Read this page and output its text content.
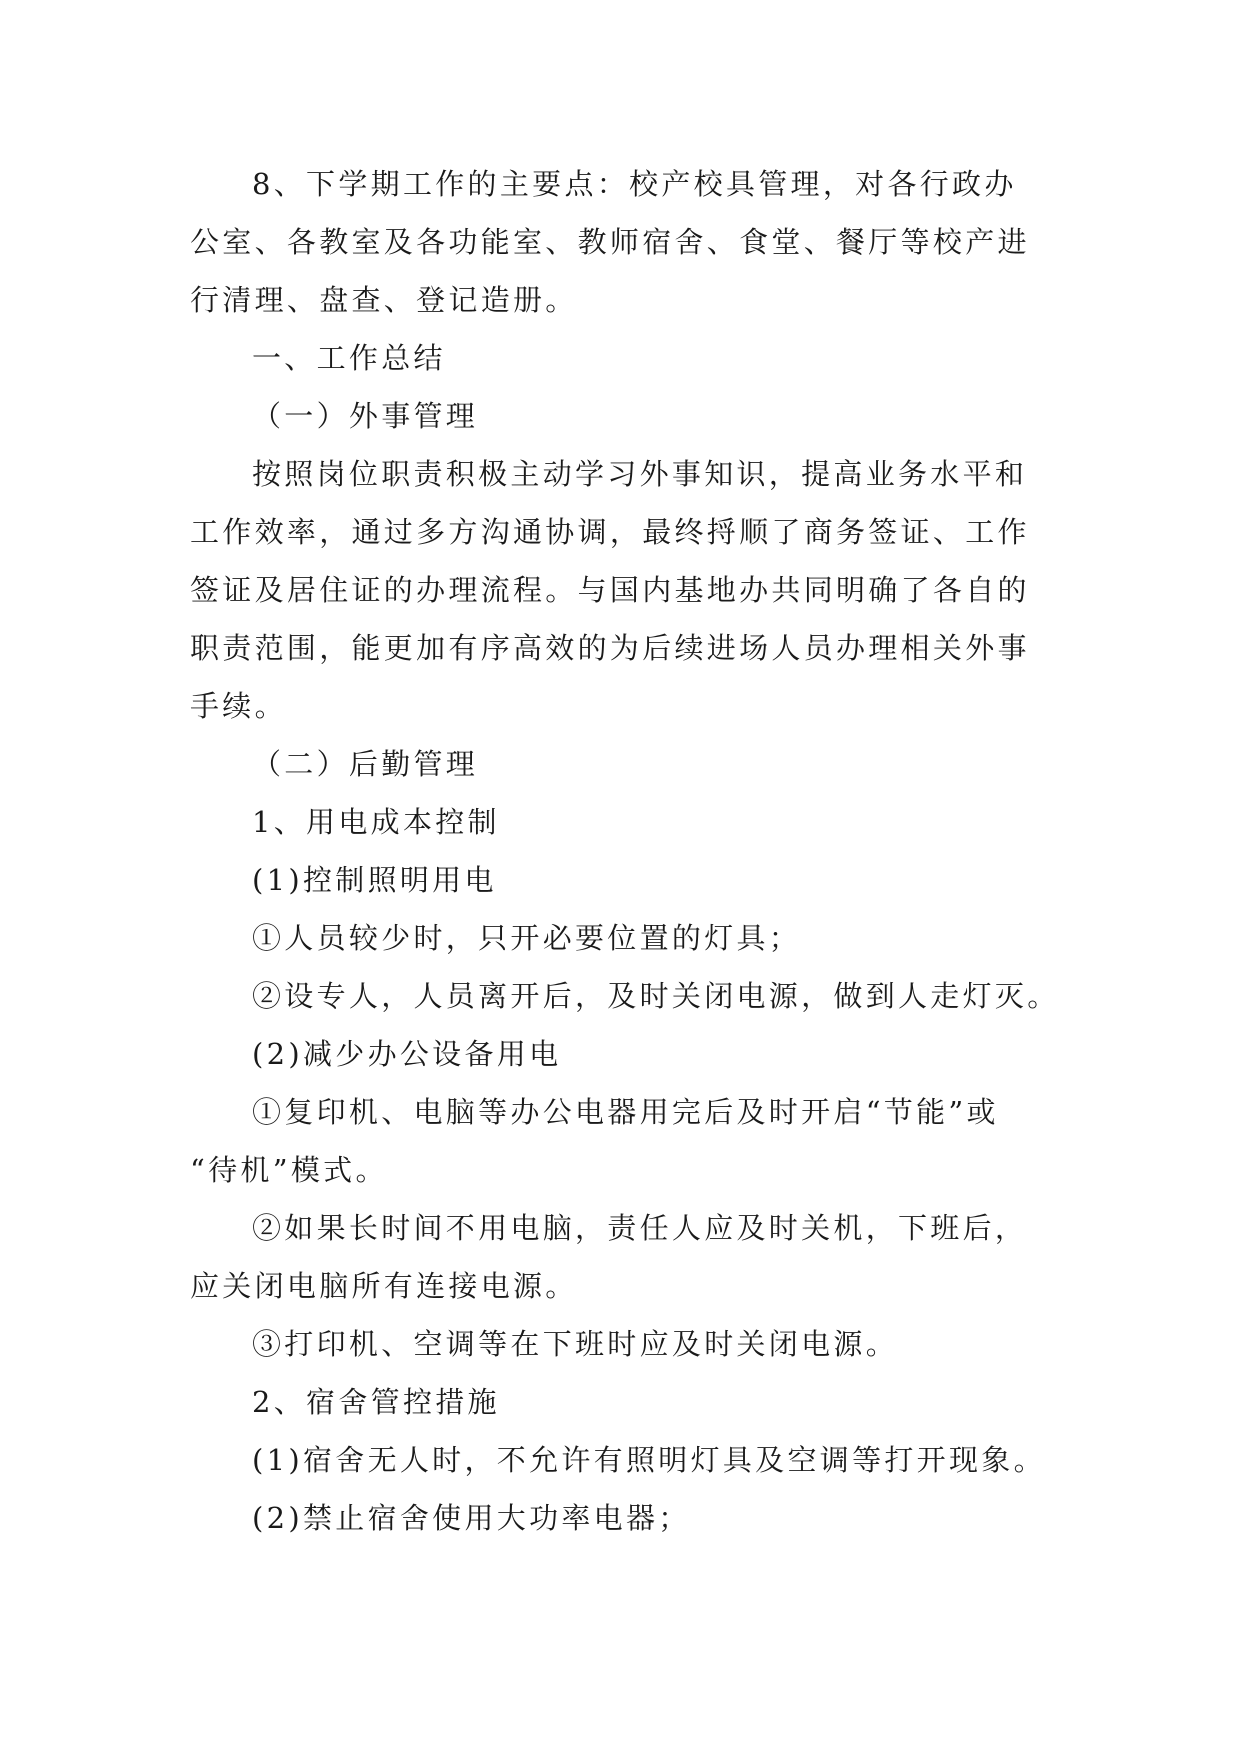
8、下学期工作的主要点：校产校具管理，对各行政办
公室、各教室及各功能室、教师宿舍、食堂、餐厅等校产进
行清理、盘查、登记造册。
一、工作总结
（一）外事管理
按照岗位职责积极主动学习外事知识，提高业务水平和
工作效率，通过多方沟通协调，最终捋顺了商务签证、工作
签证及居住证的办理流程。与国内基地办共同明确了各自的
职责范围，能更加有序高效的为后续进场人员办理相关外事
手续。
（二）后勤管理
1、用电成本控制
(1)控制照明用电
①人员较少时，只开必要位置的灯具；
②设专人，人员离开后，及时关闭电源，做到人走灯灭。
(2)减少办公设备用电
①复印机、电脑等办公电器用完后及时开启“节能”或
“待机”模式。
②如果长时间不用电脑，责任人应及时关机，下班后，
应关闭电脑所有连接电源。
③打印机、空调等在下班时应及时关闭电源。
2、宿舍管控措施
(1)宿舍无人时，不允许有照明灯具及空调等打开现象。
(2)禁止宿舍使用大功率电器；
